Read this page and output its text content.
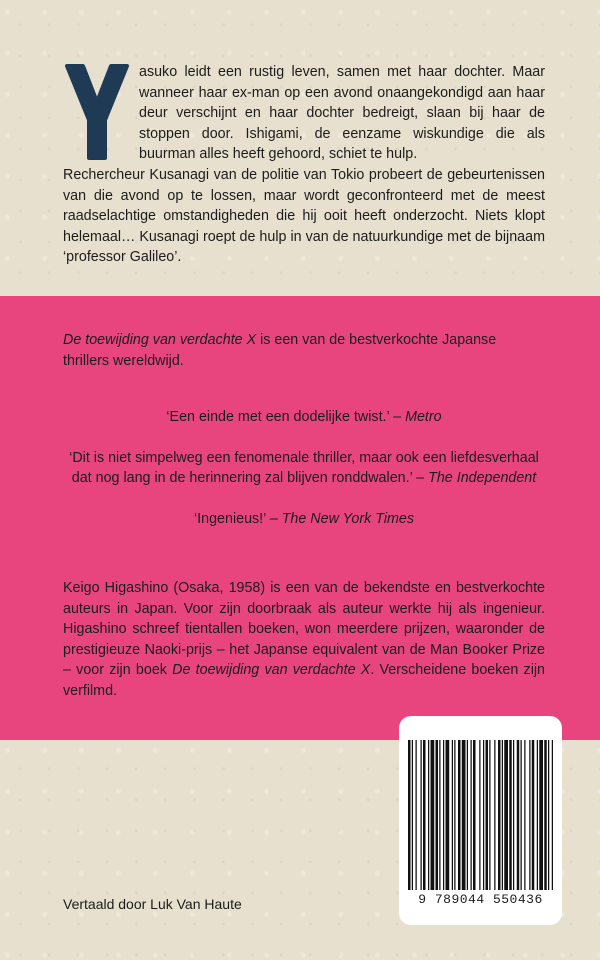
asuko leidt een rustig leven, samen met haar dochter. Maar wanneer haar ex-man op een avond onaangekondigd aan haar deur verschijnt en haar dochter bedreigt, slaan bij haar de stoppen door. Ishigami, de eenzame wiskundige die als buurman alles heeft gehoord, schiet te hulp.

Rechercheur Kusanagi van de politie van Tokio probeert de gebeurtenissen van die avond op te lossen, maar wordt geconfronteerd met de meest raadselachtige omstandigheden die hij ooit heeft onderzocht. Niets klopt helemaal… Kusanagi roept de hulp in van de natuurkundige met de bijnaam ‘professor Galileo’.

De toewijding van verdachte X is een van de bestverkochte Japanse thrillers wereldwijd.

‘Een einde met een dodelijke twist.’ – Metro

‘Dit is niet simpelweg een fenomenale thriller, maar ook een liefdesverhaal dat nog lang in de herinnering zal blijven ronddwalen.’ – The Independent

‘Ingenieus!’ – The New York Times

Keigo Higashino (Osaka, 1958) is een van de bekendste en bestverkochte auteurs in Japan. Voor zijn doorbraak als auteur werkte hij als ingenieur. Higashino schreef tientallen boeken, won meerdere prijzen, waaronder de prestigieuze Naoki-prijs – het Japanse equivalent van de Man Booker Prize – voor zijn boek De toewijding van verdachte X. Verscheidene boeken zijn verfilmd.

9 789044 550436
Vertaald door Luk Van Haute
